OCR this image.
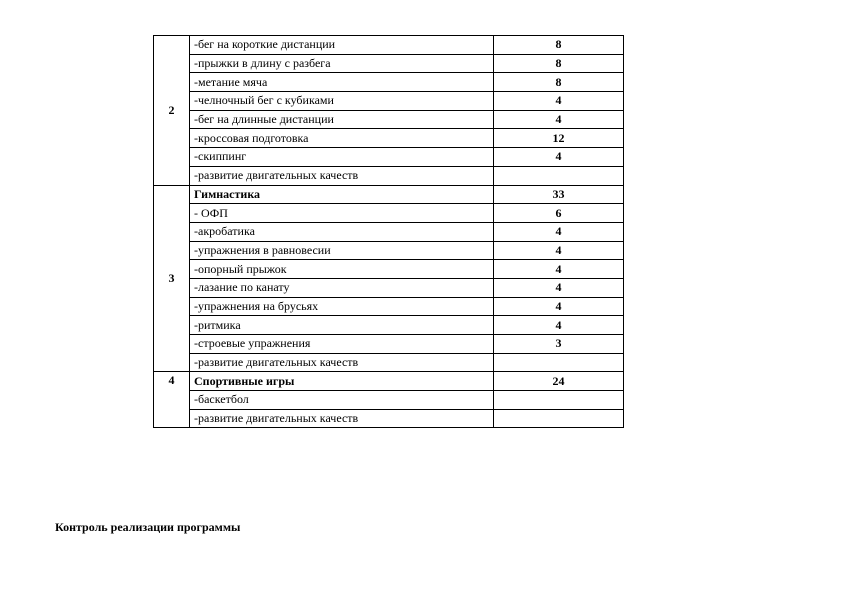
2	-бег на короткие дистанции	8
	-прыжки в длину с разбега	8
	-метание мяча	8
	-челночный бег с кубиками	4
	-бег на длинные дистанции	4
	-кроссовая подготовка	12
	-скиппинг	4
	-развитие двигательных качеств	
3	Гимнастика	33
	- ОФП	6
	-акробатика	4
	-упражнения в равновесии	4
	-опорный прыжок	4
	-лазание по канату	4
	-упражнения на брусьях	4
	-ритмика	4
	-строевые упражнения	3
	-развитие двигательных качеств	
4	Спортивные игры	24
	-баскетбол	
	-развитие двигательных качеств	
Контроль реализации программы
